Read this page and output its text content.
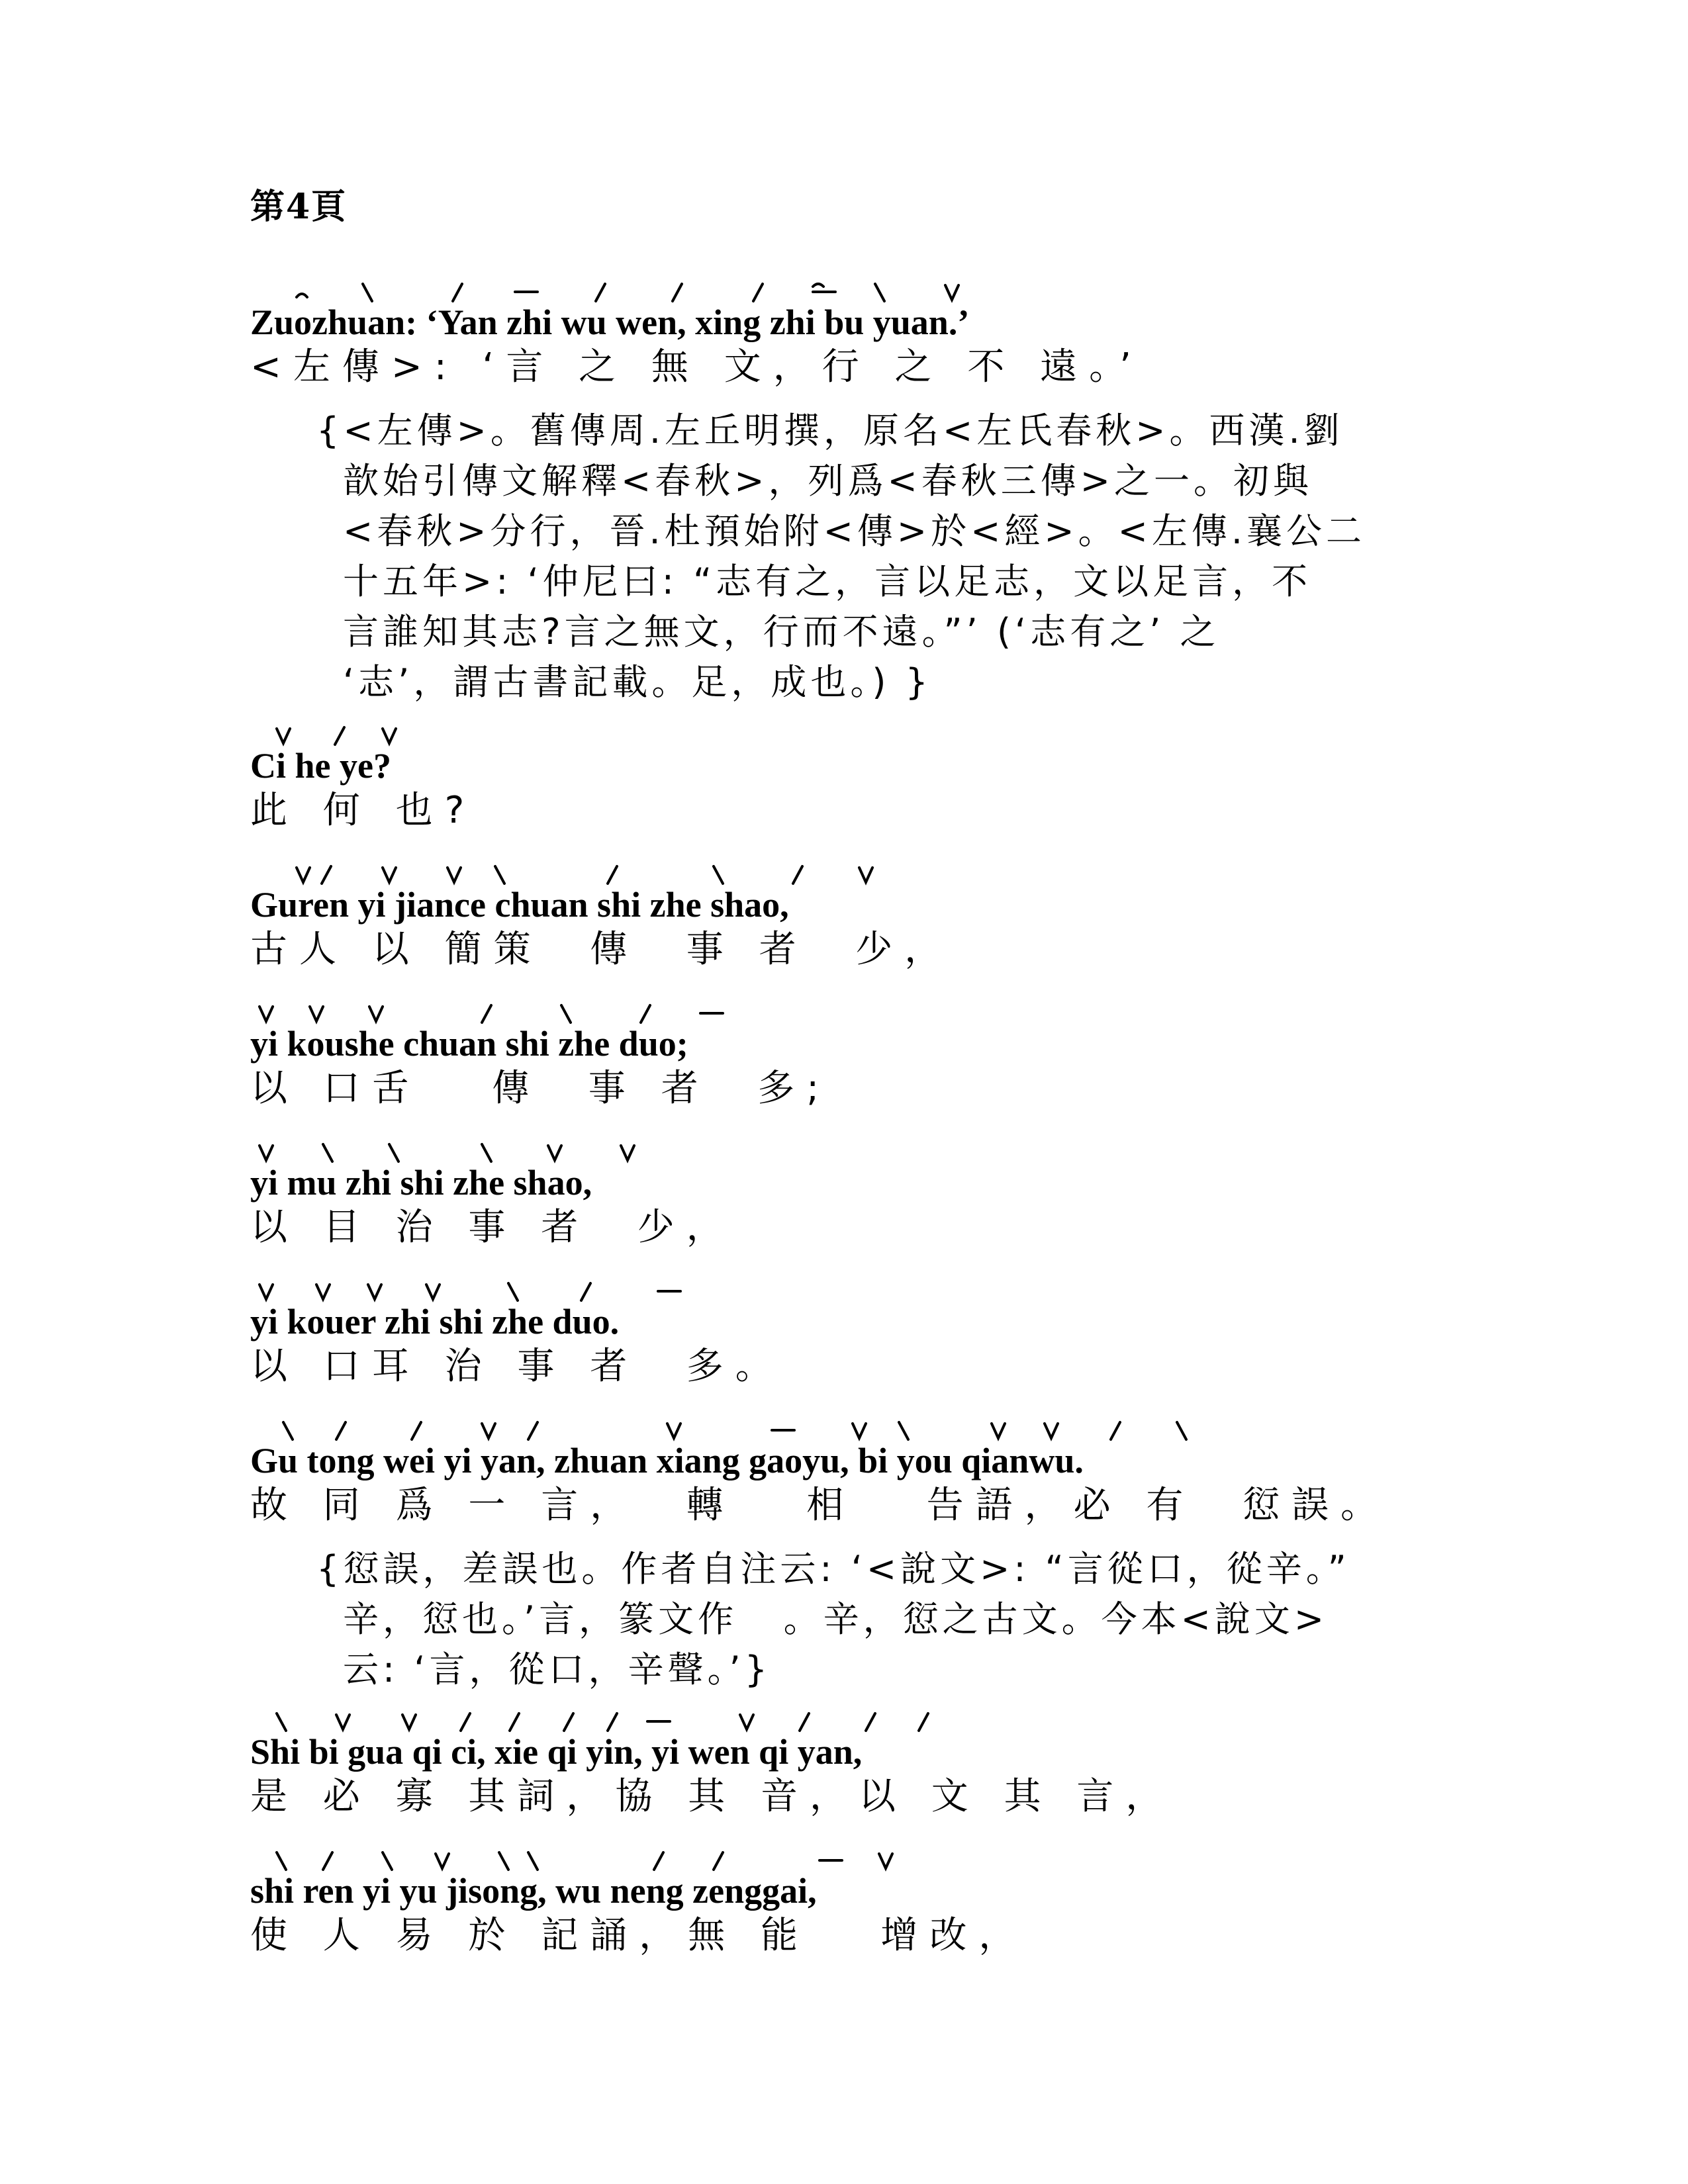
第4頁
Zuozhuan: ‘Yan zhi wu wen, xing zhi bu yuan.’
<左傳>: ‘言 之 無 文，行 之 不 遠。’
{<左傳>。舊傳周.左丘明撰，原名<左氏春秋>。西漢.劉
歆始引傳文解釋<春秋>，列爲<春秋三傳>之一。初與
<春秋>分行，晉.杜預始附<傳>於<經>。<左傳.襄公二
十五年>: ‘仲尼曰: “志有之，言以足志，文以足言，不
言誰知其志?言之無文，行而不遠。”’ (‘志有之’ 之
‘志’，謂古書記載。足，成也。) }
Ci he ye?
此 何 也?
Guren yi jiance chuan shi zhe shao,
古人 以 簡策  傳  事 者  少，
yi koushe chuan shi zhe duo;
以 口舌   傳  事 者  多;
yi mu zhi shi zhe shao,
以 目 治 事 者  少，
yi kouer zhi shi zhe duo.
以 口耳 治 事 者  多。
Gu tong wei yi yan, zhuan xiang gaoyu, bi you qianwu.
故 同 爲 一 言，  轉   相   告語，必 有  愆誤。
{愆誤，差誤也。作者自注云: ‘<說文>: “言從口，從辛。”
辛，愆也。’言，篆文作   。辛，愆之古文。今本<說文>
云: ‘言，從口，辛聲。’}
Shi bi gua qi ci, xie qi yin, yi wen qi yan,
是 必 寡 其詞，協 其 音，以 文 其 言，
shi ren yi yu jisong, wu neng zenggai,
使 人 易 於 記誦，無 能   增改，
